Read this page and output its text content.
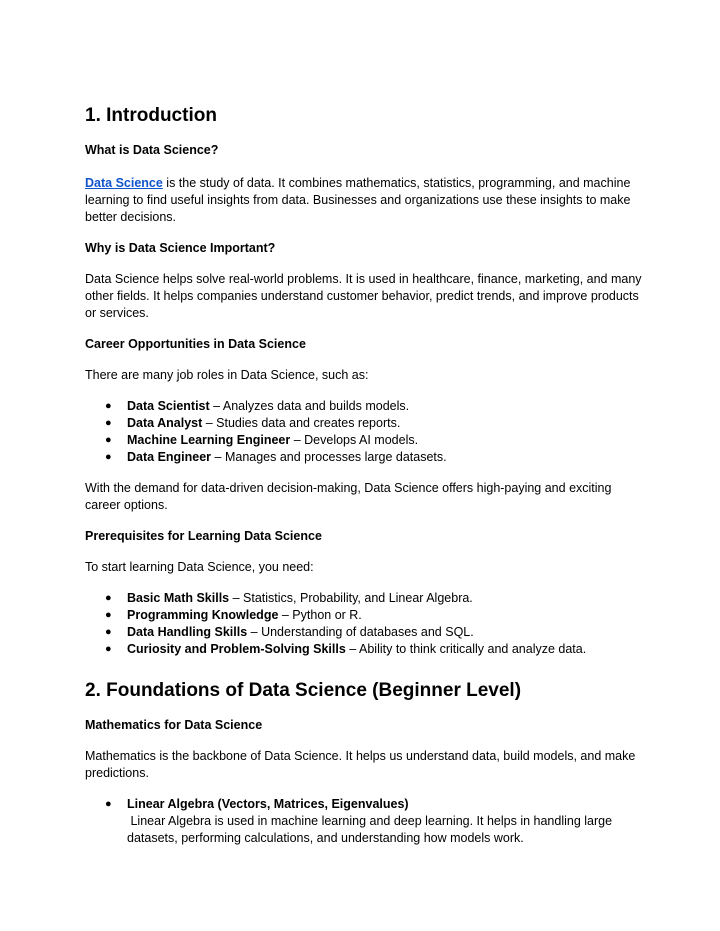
1. Introduction
What is Data Science?

Data Science is the study of data. It combines mathematics, statistics, programming, and machine learning to find useful insights from data. Businesses and organizations use these insights to make better decisions.

Why is Data Science Important?

Data Science helps solve real-world problems. It is used in healthcare, finance, marketing, and many other fields. It helps companies understand customer behavior, predict trends, and improve products or services.

Career Opportunities in Data Science

There are many job roles in Data Science, such as:

● Data Scientist – Analyzes data and builds models.
● Data Analyst – Studies data and creates reports.
● Machine Learning Engineer – Develops AI models.
● Data Engineer – Manages and processes large datasets.

With the demand for data-driven decision-making, Data Science offers high-paying and exciting career options.

Prerequisites for Learning Data Science

To start learning Data Science, you need:

● Basic Math Skills – Statistics, Probability, and Linear Algebra.
● Programming Knowledge – Python or R.
● Data Handling Skills – Understanding of databases and SQL.
● Curiosity and Problem-Solving Skills – Ability to think critically and analyze data.
2. Foundations of Data Science (Beginner Level)
Mathematics for Data Science

Mathematics is the backbone of Data Science. It helps us understand data, build models, and make predictions.

● Linear Algebra (Vectors, Matrices, Eigenvalues)
Linear Algebra is used in machine learning and deep learning. It helps in handling large datasets, performing calculations, and understanding how models work.
